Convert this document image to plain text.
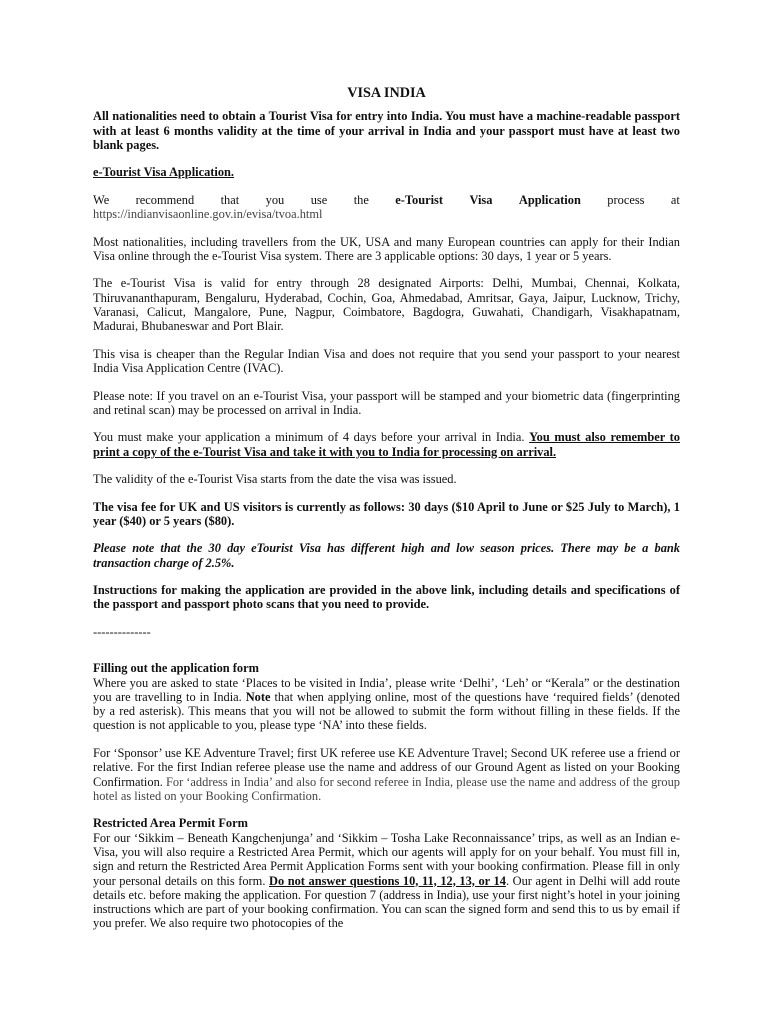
VISA INDIA

All nationalities need to obtain a Tourist Visa for entry into India. You must have a machine-readable passport with at least 6 months validity at the time of your arrival in India and your passport must have at least two blank pages.

e-Tourist Visa Application.

We recommend that you use the e-Tourist Visa Application process at
https://indianvisaonline.gov.in/evisa/tvoa.html

Most nationalities, including travellers from the UK, USA and many European countries can apply for their Indian Visa online through the e-Tourist Visa system. There are 3 applicable options: 30 days, 1 year or 5 years.

The e-Tourist Visa is valid for entry through 28 designated Airports: Delhi, Mumbai, Chennai, Kolkata, Thiruvananthapuram, Bengaluru, Hyderabad, Cochin, Goa, Ahmedabad, Amritsar, Gaya, Jaipur, Lucknow, Trichy, Varanasi, Calicut, Mangalore, Pune, Nagpur, Coimbatore, Bagdogra, Guwahati, Chandigarh, Visakhapatnam, Madurai, Bhubaneswar and Port Blair.

This visa is cheaper than the Regular Indian Visa and does not require that you send your passport to your nearest India Visa Application Centre (IVAC).

Please note: If you travel on an e-Tourist Visa, your passport will be stamped and your biometric data (fingerprinting and retinal scan) may be processed on arrival in India.

You must make your application a minimum of 4 days before your arrival in India. You must also remember to print a copy of the e-Tourist Visa and take it with you to India for processing on arrival.

The validity of the e-Tourist Visa starts from the date the visa was issued.

The visa fee for UK and US visitors is currently as follows: 30 days ($10 April to June or $25 July to March), 1 year ($40) or 5 years ($80).

Please note that the 30 day eTourist Visa has different high and low season prices. There may be a bank transaction charge of 2.5%.

Instructions for making the application are provided in the above link, including details and specifications of the passport and passport photo scans that you need to provide.

--------------

Filling out the application form

Where you are asked to state ‘Places to be visited in India’, please write ‘Delhi’, ‘Leh’ or “Kerala” or the destination you are travelling to in India. Note that when applying online, most of the questions have ‘required fields’ (denoted by a red asterisk). This means that you will not be allowed to submit the form without filling in these fields. If the question is not applicable to you, please type ‘NA’ into these fields.

For ‘Sponsor’ use KE Adventure Travel; first UK referee use KE Adventure Travel; Second UK referee use a friend or relative. For the first Indian referee please use the name and address of our Ground Agent as listed on your Booking Confirmation. For ‘address in India’ and also for second referee in India, please use the name and address of the group hotel as listed on your Booking Confirmation.

Restricted Area Permit Form

For our ‘Sikkim – Beneath Kangchenjunga’ and ‘Sikkim – Tosha Lake Reconnaissance’ trips, as well as an Indian e-Visa, you will also require a Restricted Area Permit, which our agents will apply for on your behalf. You must fill in, sign and return the Restricted Area Permit Application Forms sent with your booking confirmation. Please fill in only your personal details on this form. Do not answer questions 10, 11, 12, 13, or 14. Our agent in Delhi will add route details etc. before making the application. For question 7 (address in India), use your first night’s hotel in your joining instructions which are part of your booking confirmation. You can scan the signed form and send this to us by email if you prefer. We also require two photocopies of the
